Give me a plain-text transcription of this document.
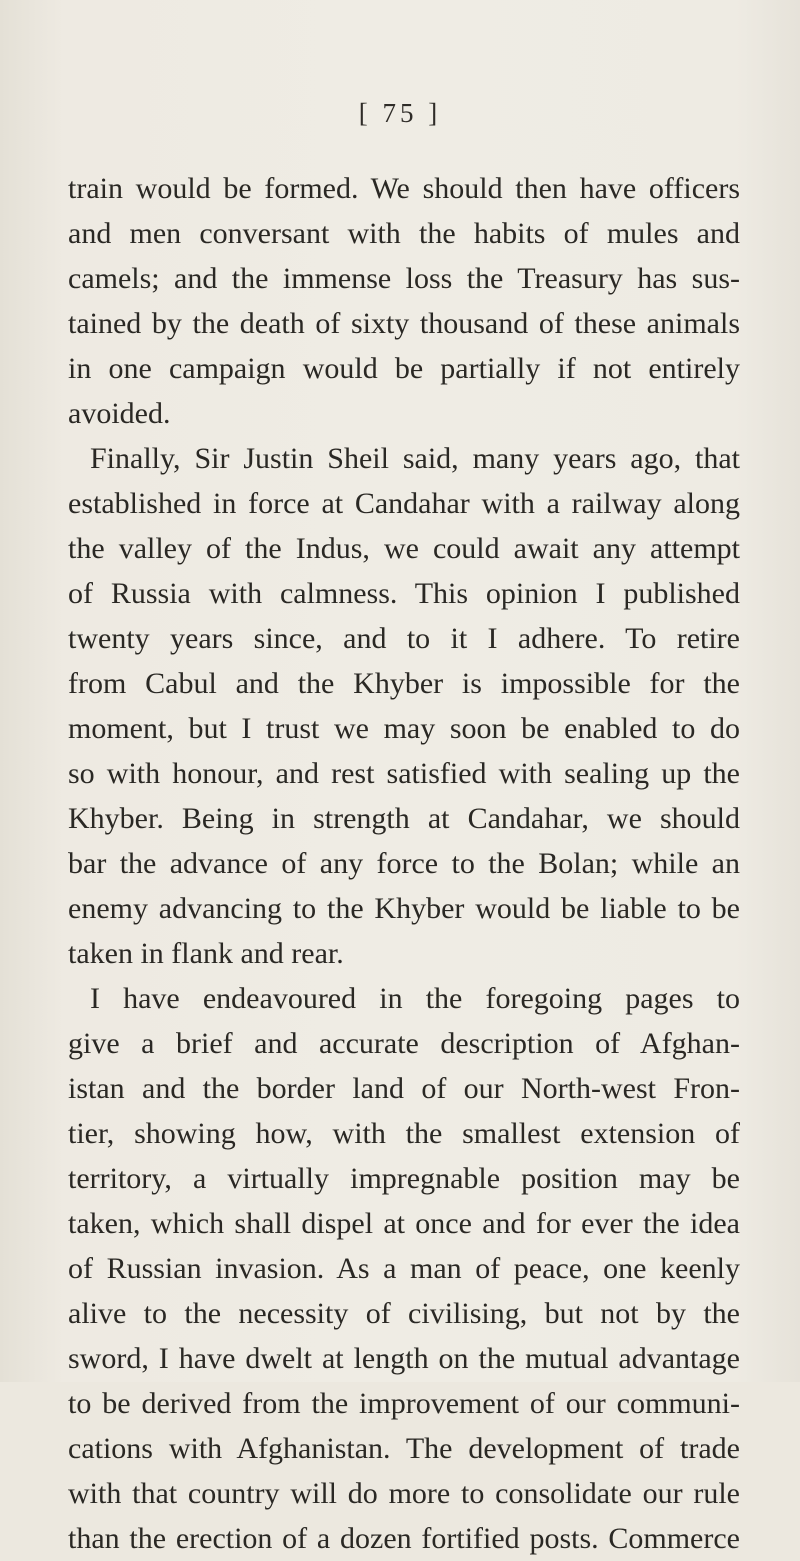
[ 75 ]
train would be formed. We should then have officers
and men conversant with the habits of mules and
camels; and the immense loss the Treasury has sus-
tained by the death of sixty thousand of these animals
in one campaign would be partially if not entirely
avoided.
Finally, Sir Justin Sheil said, many years ago, that
established in force at Candahar with a railway along
the valley of the Indus, we could await any attempt
of Russia with calmness. This opinion I published
twenty years since, and to it I adhere. To retire
from Cabul and the Khyber is impossible for the
moment, but I trust we may soon be enabled to do
so with honour, and rest satisfied with sealing up the
Khyber. Being in strength at Candahar, we should
bar the advance of any force to the Bolan; while an
enemy advancing to the Khyber would be liable to be
taken in flank and rear.
I have endeavoured in the foregoing pages to
give a brief and accurate description of Afghan-
istan and the border land of our North-west Fron-
tier, showing how, with the smallest extension of
territory, a virtually impregnable position may be
taken, which shall dispel at once and for ever the idea
of Russian invasion. As a man of peace, one keenly
alive to the necessity of civilising, but not by the
sword, I have dwelt at length on the mutual advantage
to be derived from the improvement of our communi-
cations with Afghanistan. The development of trade
with that country will do more to consolidate our rule
than the erection of a dozen fortified posts. Commerce
